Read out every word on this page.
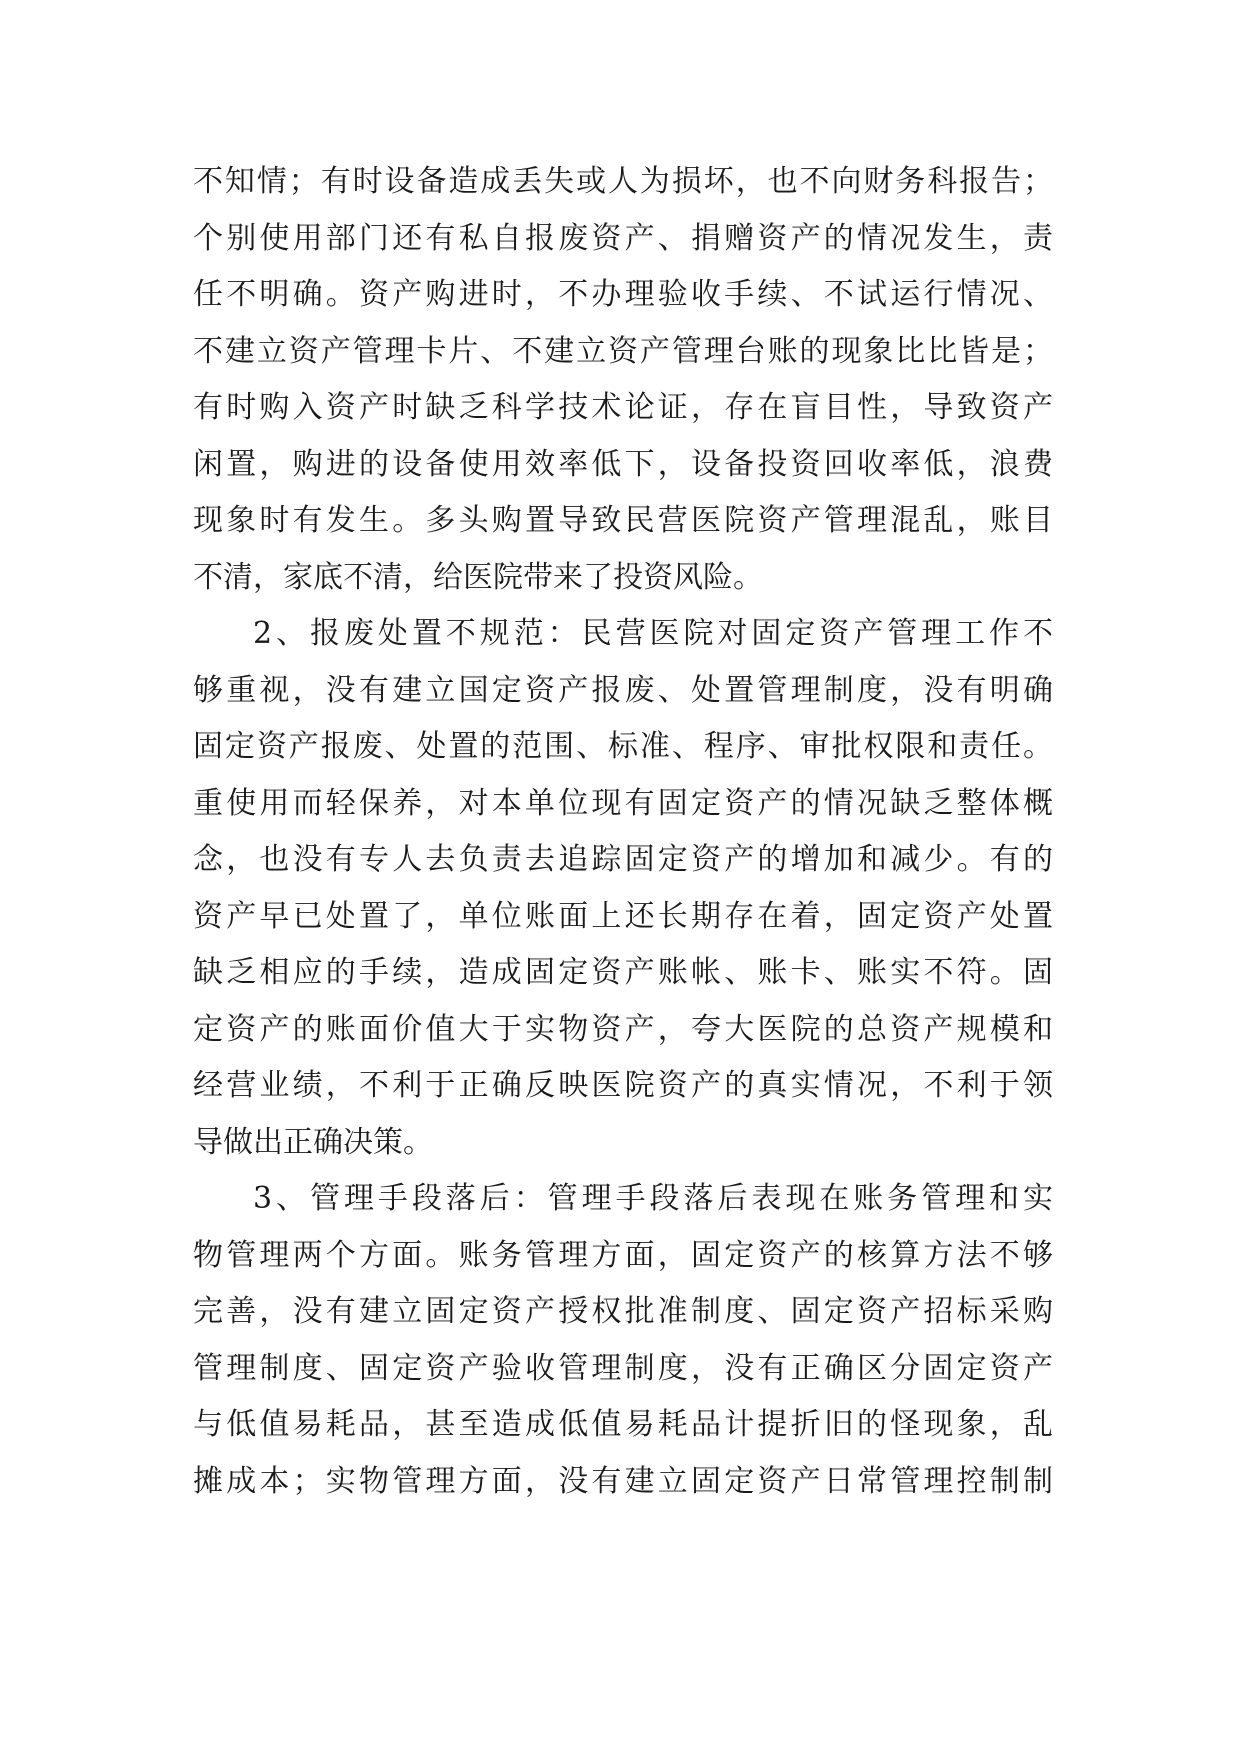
不知情；有时设备造成丢失或人为损坏，也不向财务科报告；
个别使用部门还有私自报废资产、捐赠资产的情况发生，责
任不明确。资产购进时，不办理验收手续、不试运行情况、
不建立资产管理卡片、不建立资产管理台账的现象比比皆是；
有时购入资产时缺乏科学技术论证，存在盲目性，导致资产
闲置，购进的设备使用效率低下，设备投资回收率低，浪费
现象时有发生。多头购置导致民营医院资产管理混乱，账目
不清，家底不清，给医院带来了投资风险。
2、报废处置不规范：民营医院对固定资产管理工作不
够重视，没有建立国定资产报废、处置管理制度，没有明确
固定资产报废、处置的范围、标准、程序、审批权限和责任。
重使用而轻保养，对本单位现有固定资产的情况缺乏整体概
念，也没有专人去负责去追踪固定资产的增加和减少。有的
资产早已处置了，单位账面上还长期存在着，固定资产处置
缺乏相应的手续，造成固定资产账帐、账卡、账实不符。固
定资产的账面价值大于实物资产，夸大医院的总资产规模和
经营业绩，不利于正确反映医院资产的真实情况，不利于领
导做出正确决策。
3、管理手段落后：管理手段落后表现在账务管理和实
物管理两个方面。账务管理方面，固定资产的核算方法不够
完善，没有建立固定资产授权批准制度、固定资产招标采购
管理制度、固定资产验收管理制度，没有正确区分固定资产
与低值易耗品，甚至造成低值易耗品计提折旧的怪现象，乱
摊成本；实物管理方面，没有建立固定资产日常管理控制制
